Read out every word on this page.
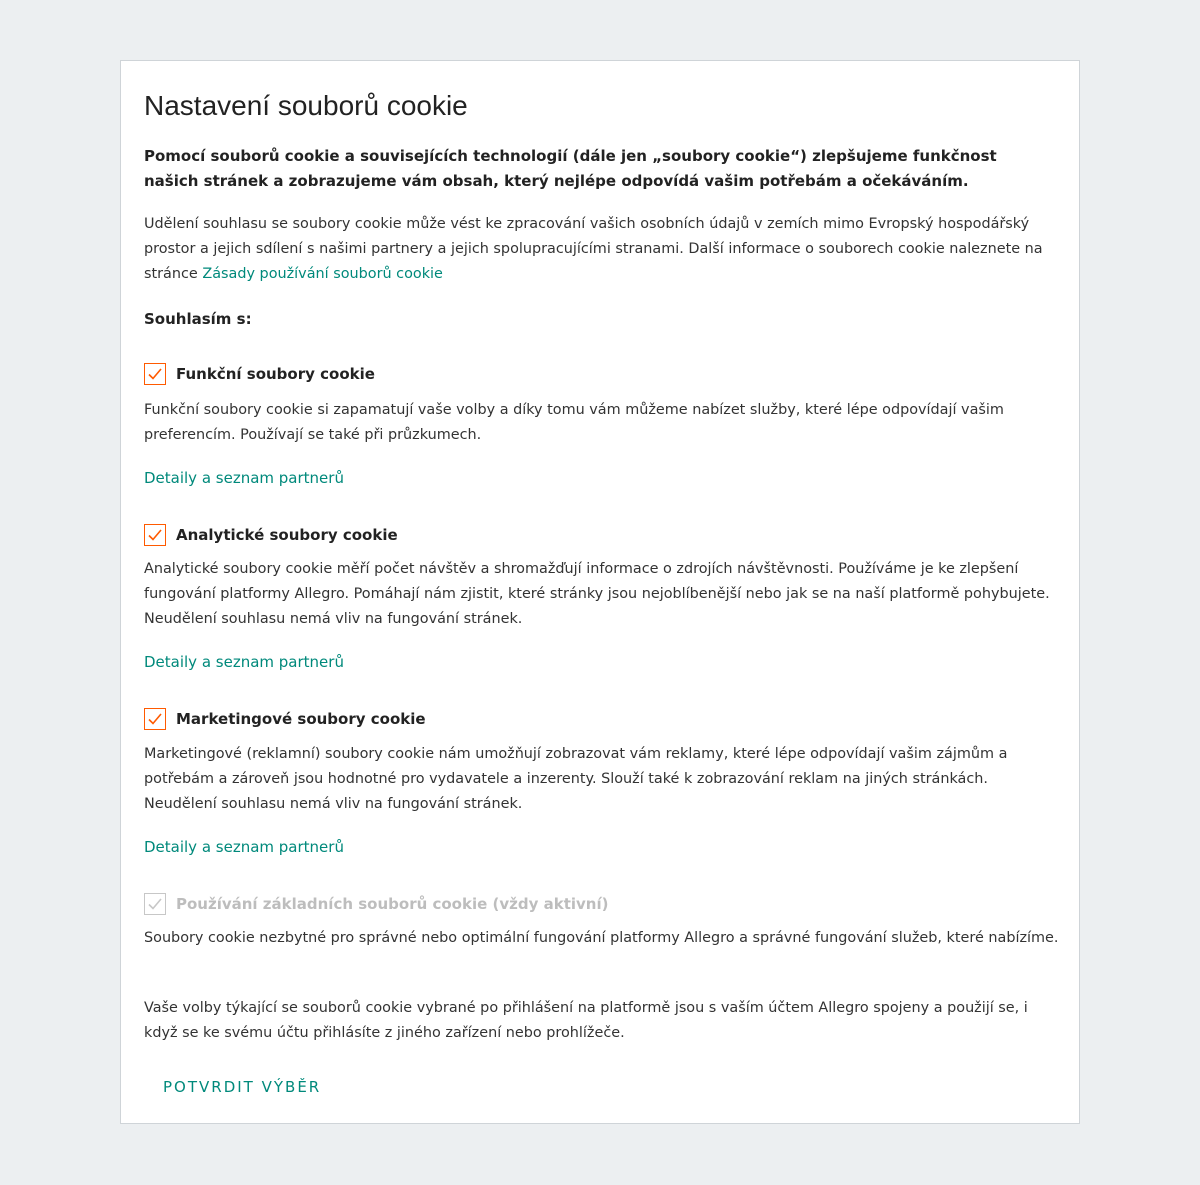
Nastavení souborů cookie

Pomocí souborů cookie a souvisejících technologií (dále jen „soubory cookie“) zlepšujeme funkčnost našich stránek a zobrazujeme vám obsah, který nejlépe odpovídá vašim potřebám a očekáváním.

Udělení souhlasu se soubory cookie může vést ke zpracování vašich osobních údajů v zemích mimo Evropský hospodářský prostor a jejich sdílení s našimi partnery a jejich spolupracujícími stranami. Další informace o souborech cookie naleznete na stránce Zásady používání souborů cookie

Souhlasím s:

Funkční soubory cookie

Funkční soubory cookie si zapamatují vaše volby a díky tomu vám můžeme nabízet služby, které lépe odpovídají vašim preferencím. Používají se také při průzkumech.

Detaily a seznam partnerů
Analytické soubory cookie

Analytické soubory cookie měří počet návštěv a shromažďují informace o zdrojích návštěvnosti. Používáme je ke zlepšení fungování platformy Allegro. Pomáhají nám zjistit, které stránky jsou nejoblíbenější nebo jak se na naší platformě pohybujete. Neudělení souhlasu nemá vliv na fungování stránek.

Detaily a seznam partnerů
Marketingové soubory cookie

Marketingové (reklamní) soubory cookie nám umožňují zobrazovat vám reklamy, které lépe odpovídají vašim zájmům a potřebám a zároveň jsou hodnotné pro vydavatele a inzerenty. Slouží také k zobrazování reklam na jiných stránkách. Neudělení souhlasu nemá vliv na fungování stránek.

Detaily a seznam partnerů
Používání základních souborů cookie (vždy aktivní)

Soubory cookie nezbytné pro správné nebo optimální fungování platformy Allegro a správné fungování služeb, které nabízíme.

Vaše volby týkající se souborů cookie vybrané po přihlášení na platformě jsou s vaším účtem Allegro spojeny a použijí se, i když se ke svému účtu přihlásíte z jiného zařízení nebo prohlížeče.

POTVRDIT VÝBĚR
